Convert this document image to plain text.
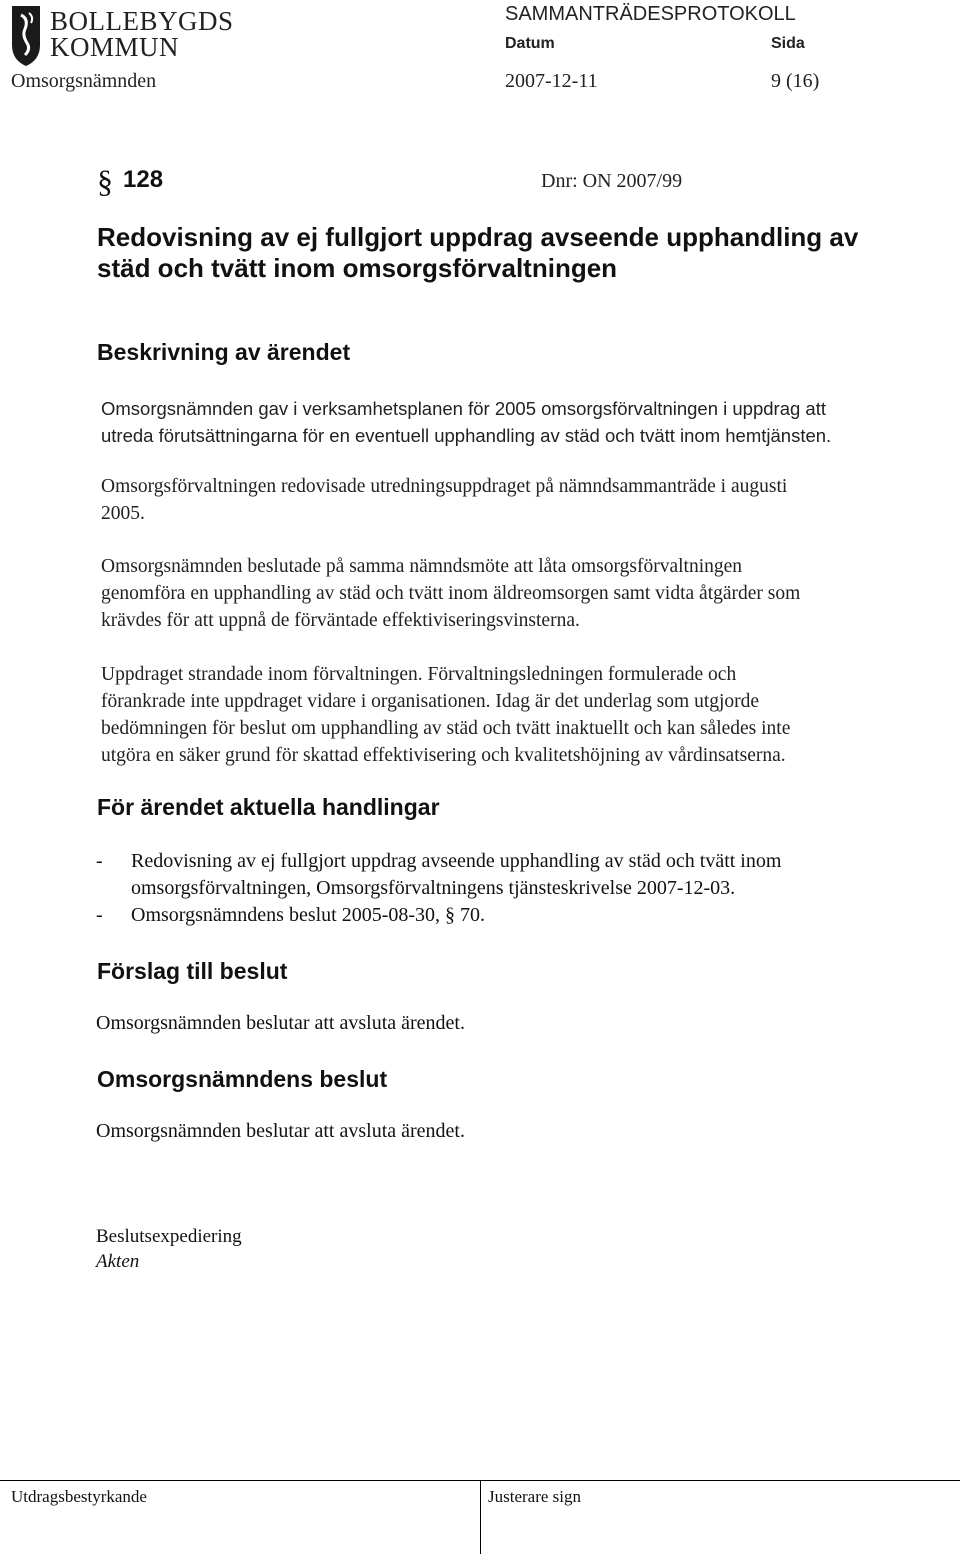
BOLLEBYGDS
KOMMUN
SAMMANTRÄDESPROTOKOLL
Datum	Sida
Omsorgsnämnden	2007-12-11	9 (16)
§ 128	Dnr: ON 2007/99
Redovisning av ej fullgjort uppdrag avseende upphandling av
städ och tvätt inom omsorgsförvaltningen
Beskrivning av ärendet

Omsorgsnämnden gav i verksamhetsplanen för 2005 omsorgsförvaltningen i uppdrag att

utreda förutsättningarna för en eventuell upphandling av städ och tvätt inom hemtjänsten.

Omsorgsförvaltningen redovisade utredningsuppdraget på nämndsammanträde i augusti

2005.

Omsorgsnämnden beslutade på samma nämndsmöte att låta omsorgsförvaltningen

genomföra en upphandling av städ och tvätt inom äldreomsorgen samt vidta åtgärder som

krävdes för att uppnå de förväntade effektiviseringsvinsterna.

Uppdraget strandade inom förvaltningen. Förvaltningsledningen formulerade och

förankrade inte uppdraget vidare i organisationen. Idag är det underlag som utgjorde

bedömningen för beslut om upphandling av städ och tvätt inaktuellt och kan således inte

utgöra en säker grund för skattad effektivisering och kvalitetshöjning av vårdinsatserna.

För ärendet aktuella handlingar
-	Redovisning av ej fullgjort uppdrag avseende upphandling av städ och tvätt inom
omsorgsförvaltningen, Omsorgsförvaltningens tjänsteskrivelse 2007-12-03.
-	Omsorgsnämndens beslut 2005-08-30, § 70.
Förslag till beslut
Omsorgsnämnden beslutar att avsluta ärendet.
Omsorgsnämndens beslut
Omsorgsnämnden beslutar att avsluta ärendet.
Beslutsexpediering
Akten
Utdragsbestyrkande	Justerare sign
